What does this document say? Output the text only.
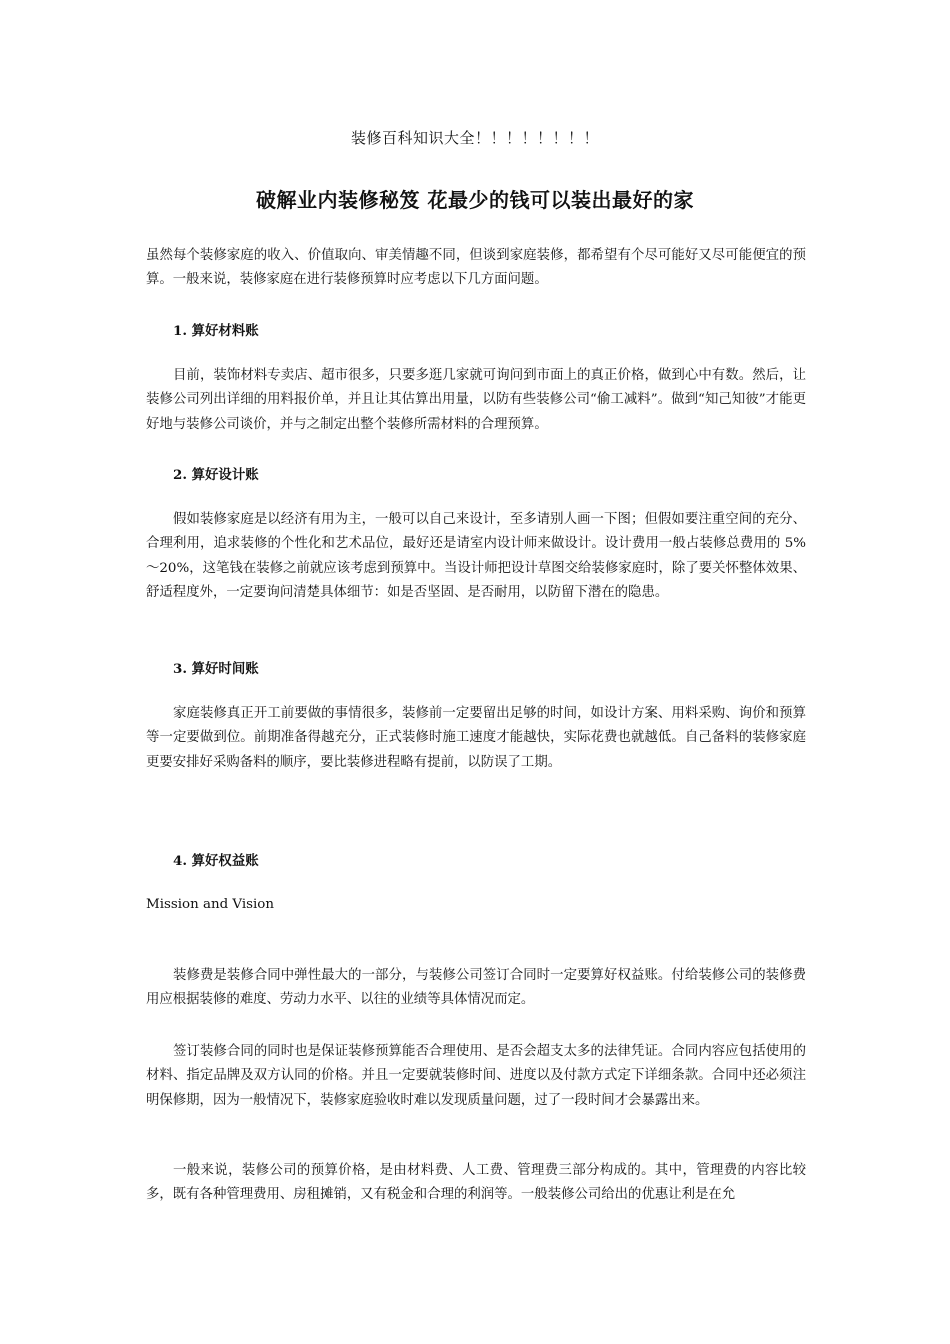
装修百科知识大全！！！！！！！！
破解业内装修秘笈 花最少的钱可以装出最好的家

虽然每个装修家庭的收入、价值取向、审美情趣不同，但谈到家庭装修，都希望有个尽可能好又尽可能便宜的预算。一般来说，装修家庭在进行装修预算时应考虑以下几方面问题。

1. 算好材料账

目前，装饰材料专卖店、超市很多，只要多逛几家就可询问到市面上的真正价格，做到心中有数。然后，让装修公司列出详细的用料报价单，并且让其估算出用量，以防有些装修公司“偷工减料”。做到“知己知彼”才能更好地与装修公司谈价，并与之制定出整个装修所需材料的合理预算。

2. 算好设计账

假如装修家庭是以经济有用为主，一般可以自己来设计，至多请别人画一下图；但假如要注重空间的充分、合理利用，追求装修的个性化和艺术品位，最好还是请室内设计师来做设计。设计费用一般占装修总费用的 5%～20%，这笔钱在装修之前就应该考虑到预算中。当设计师把设计草图交给装修家庭时，除了要关怀整体效果、舒适程度外，一定要询问清楚具体细节：如是否坚固、是否耐用，以防留下潜在的隐患。

3. 算好时间账

家庭装修真正开工前要做的事情很多，装修前一定要留出足够的时间，如设计方案、用料采购、询价和预算等一定要做到位。前期准备得越充分，正式装修时施工速度才能越快，实际花费也就越低。自己备料的装修家庭更要安排好采购备料的顺序，要比装修进程略有提前，以防误了工期。

4. 算好权益账
Mission and Vision

装修费是装修合同中弹性最大的一部分，与装修公司签订合同时一定要算好权益账。付给装修公司的装修费用应根据装修的难度、劳动力水平、以往的业绩等具体情况而定。

签订装修合同的同时也是保证装修预算能否合理使用、是否会超支太多的法律凭证。合同内容应包括使用的材料、指定品牌及双方认同的价格。并且一定要就装修时间、进度以及付款方式定下详细条款。合同中还必须注明保修期，因为一般情况下，装修家庭验收时难以发现质量问题，过了一段时间才会暴露出来。

一般来说，装修公司的预算价格，是由材料费、人工费、管理费三部分构成的。其中，管理费的内容比较多，既有各种管理费用、房租摊销，又有税金和合理的利润等。一般装修公司给出的优惠让利是在允
